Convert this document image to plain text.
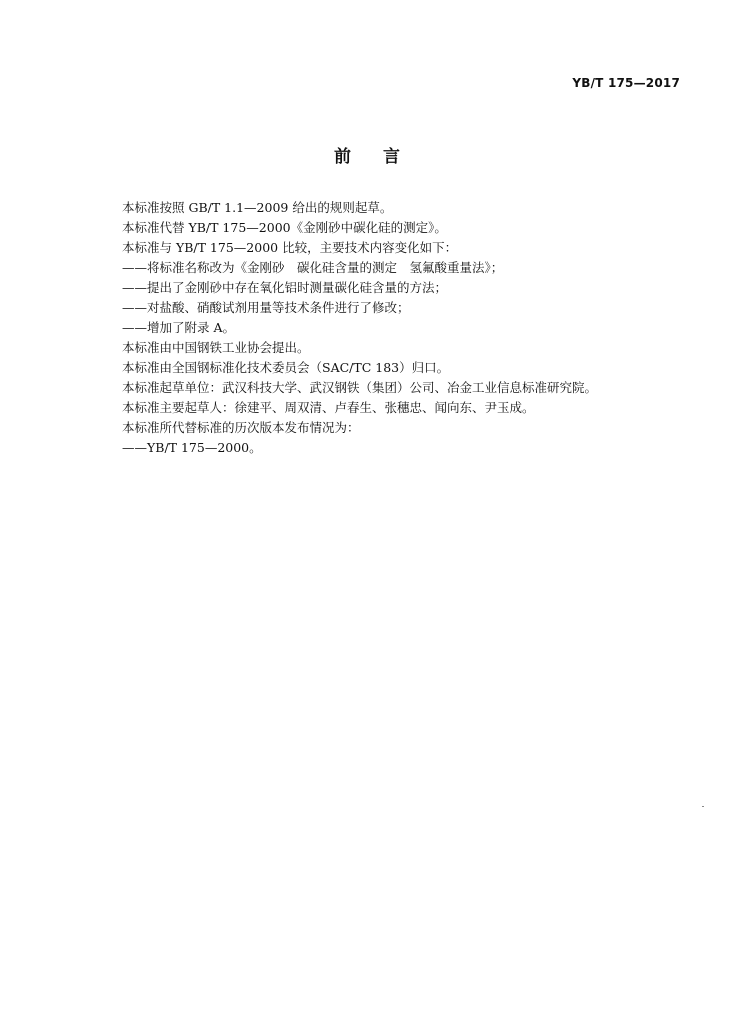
YB/T 175—2017
前 言
本标准按照 GB/T 1.1—2009 给出的规则起草。
本标准代替 YB/T 175—2000《金刚砂中碳化硅的测定》。
本标准与 YB/T 175—2000 比较，主要技术内容变化如下：
——将标准名称改为《金刚砂　碳化硅含量的测定　氢氟酸重量法》；
——提出了金刚砂中存在氧化铝时测量碳化硅含量的方法；
——对盐酸、硝酸试剂用量等技术条件进行了修改；
——增加了附录 A。
本标准由中国钢铁工业协会提出。
本标准由全国钢标准化技术委员会（SAC/TC 183）归口。
本标准起草单位：武汉科技大学、武汉钢铁（集团）公司、冶金工业信息标准研究院。
本标准主要起草人：徐建平、周双清、卢春生、张穗忠、闻向东、尹玉成。
本标准所代替标准的历次版本发布情况为：
——YB/T 175—2000。
